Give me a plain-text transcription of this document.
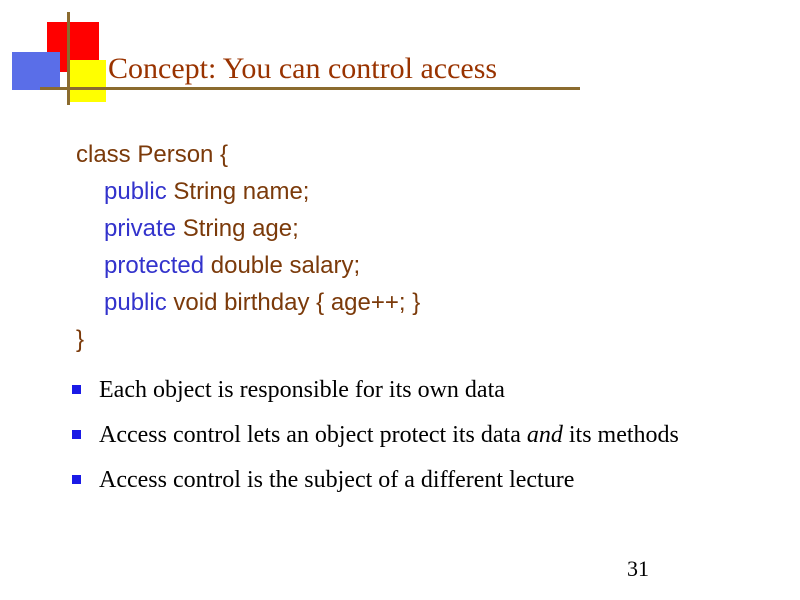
Concept: You can control access
class Person {
public String name;
private String age;
protected double salary;
public void birthday { age++; }
}
Each object is responsible for its own data
Access control lets an object protect its data and its methods
Access control is the subject of a different lecture
31
